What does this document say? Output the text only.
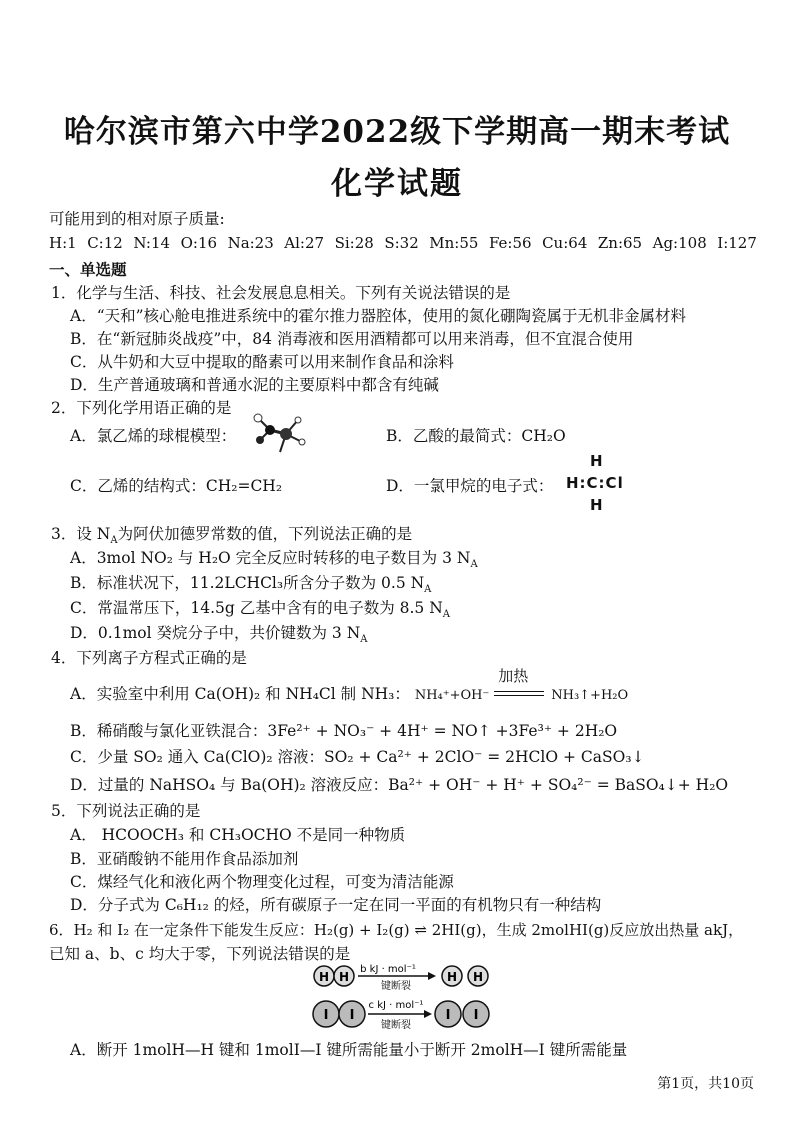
哈尔滨市第六中学2022级下学期高一期末考试
化学试题
可能用到的相对原子质量:
H:1 C:12 N:14 O:16 Na:23 Al:27 Si:28 S:32 Mn:55 Fe:56 Cu:64 Zn:65 Ag:108 I:127
一、单选题
1．化学与生活、科技、社会发展息息相关。下列有关说法错误的是
A．“天和”核心舱电推进系统中的霍尔推力器腔体，使用的氮化硼陶瓷属于无机非金属材料
B．在“新冠肺炎战疫”中，84 消毒液和医用酒精都可以用来消毒，但不宜混合使用
C．从牛奶和大豆中提取的酪素可以用来制作食品和涂料
D．生产普通玻璃和普通水泥的主要原料中都含有纯碱
2．下列化学用语正确的是
A．氯乙烯的球棍模型：	B．乙酸的最简式：CH₂O
C．乙烯的结构式：CH₂=CH₂	D．一氯甲烷的电子式：
H
H:C:Cl
H
3．设 $N_A$为阿伏加德罗常数的值，下列说法正确的是
A．3mol NO₂ 与 H₂O 完全反应时转移的电子数目为 3 $N_A$
B．标准状况下，11.2LCHCl₃所含分子数为 0.5 $N_A$
C．常温常压下，14.5g 乙基中含有的电子数为 8.5 $N_A$
D．0.1mol 癸烷分子中，共价键数为 3 $N_A$
4．下列离子方程式正确的是
A．实验室中利用 Ca(OH)₂ 和 NH₄Cl 制 NH₃： NH₄⁺+OH⁻
加热
NH₃↑+H₂O
B．稀硝酸与氯化亚铁混合：3Fe²⁺ + NO₃⁻ + 4H⁺ = NO↑ +3Fe³⁺ + 2H₂O
C．少量 SO₂ 通入 Ca(ClO)₂ 溶液：SO₂ + Ca²⁺ + 2ClO⁻ = 2HClO + CaSO₃↓
D．过量的 NaHSO₄ 与 Ba(OH)₂ 溶液反应：Ba²⁺ + OH⁻ + H⁺ + SO₄²⁻ = BaSO₄↓+ H₂O
5．下列说法正确的是
A． HCOOCH₃ 和 CH₃OCHO 不是同一种物质
B．亚硝酸钠不能用作食品添加剂
C．煤经气化和液化两个物理变化过程，可变为清洁能源
D．分子式为 C₆H₁₂ 的烃，所有碳原子一定在同一平面的有机物只有一种结构
6．H₂ 和 I₂ 在一定条件下能发生反应：H₂(g) + I₂(g) ⇌ 2HI(g)，生成 2molHI(g)反应放出热量 akJ，
已知 a、b、c 均大于零，下列说法错误的是
H H
b kJ · mol⁻¹
键断裂
H H
I I
c kJ · mol⁻¹
键断裂
I I
A．断开 1molH—H 键和 1molI—I 键所需能量小于断开 2molH—I 键所需能量
第1页，共10页
